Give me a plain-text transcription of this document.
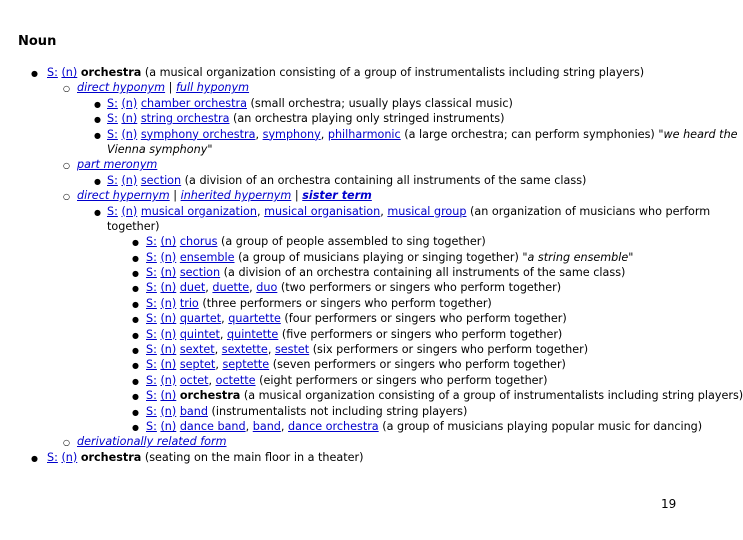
Noun
●
S: (n) orchestra (a musical organization consisting of a group of instrumentalists including string players)
○
direct hyponym | full hyponym
●
S: (n) chamber orchestra (small orchestra; usually plays classical music)
●
S: (n) string orchestra (an orchestra playing only stringed instruments)
●
S: (n) symphony orchestra, symphony, philharmonic (a large orchestra; can perform symphonies) "we heard the
Vienna symphony"
○
part meronym
●
S: (n) section (a division of an orchestra containing all instruments of the same class)
○
direct hypernym | inherited hypernym | sister term
●
S: (n) musical organization, musical organisation, musical group (an organization of musicians who perform
together)
●
S: (n) chorus (a group of people assembled to sing together)
●
S: (n) ensemble (a group of musicians playing or singing together) "a string ensemble"
●
S: (n) section (a division of an orchestra containing all instruments of the same class)
●
S: (n) duet, duette, duo (two performers or singers who perform together)
●
S: (n) trio (three performers or singers who perform together)
●
S: (n) quartet, quartette (four performers or singers who perform together)
●
S: (n) quintet, quintette (five performers or singers who perform together)
●
S: (n) sextet, sextette, sestet (six performers or singers who perform together)
●
S: (n) septet, septette (seven performers or singers who perform together)
●
S: (n) octet, octette (eight performers or singers who perform together)
●
S: (n) orchestra (a musical organization consisting of a group of instrumentalists including string players)
●
S: (n) band (instrumentalists not including string players)
●
S: (n) dance band, band, dance orchestra (a group of musicians playing popular music for dancing)
○
derivationally related form
●
S: (n) orchestra (seating on the main floor in a theater)
19
